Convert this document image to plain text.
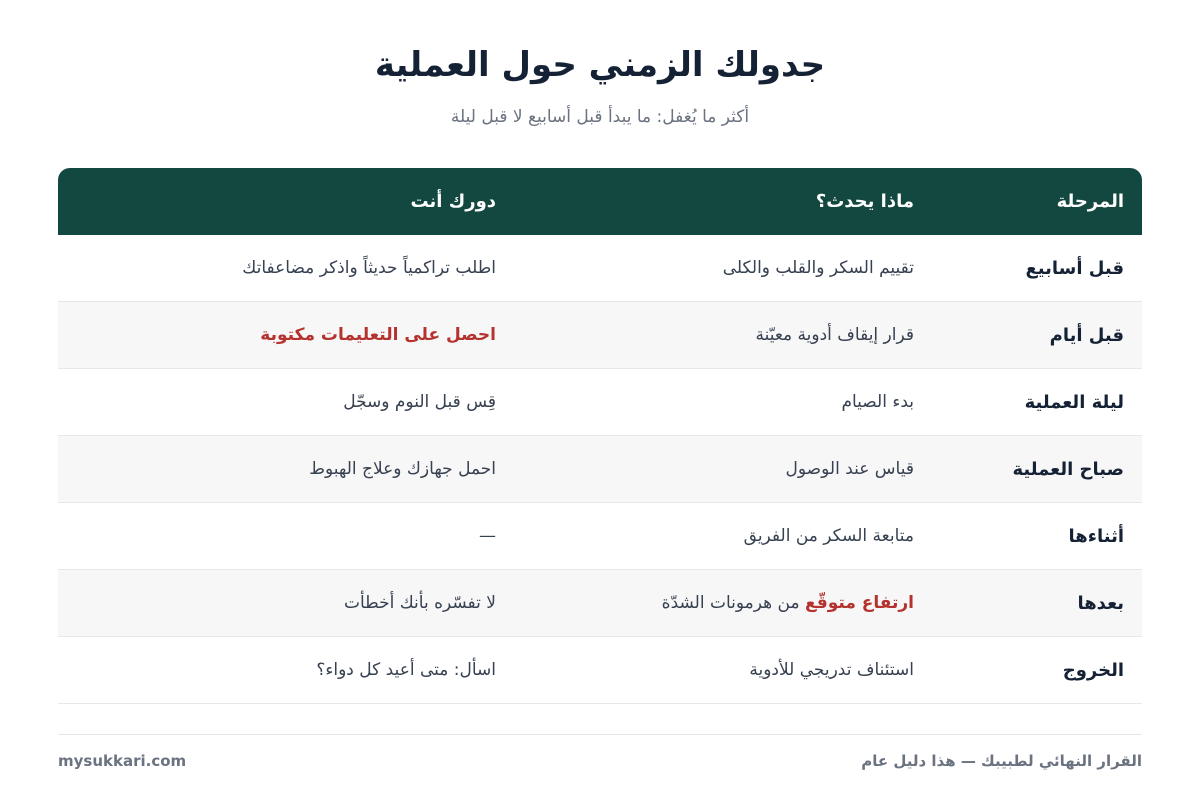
جدولك الزمني حول العملية
أكثر ما يُغفل: ما يبدأ قبل أسابيع لا قبل ليلة
المرحلة
ماذا يحدث؟
دورك أنت
قبل أسابيع
تقييم السكر والقلب والكلى
اطلب تراكمياً حديثاً واذكر مضاعفاتك
قبل أيام
قرار إيقاف أدوية معيّنة
احصل على التعليمات مكتوبة
ليلة العملية
بدء الصيام
قِس قبل النوم وسجّل
صباح العملية
قياس عند الوصول
احمل جهازك وعلاج الهبوط
أثناءها
متابعة السكر من الفريق
—
بعدها
ارتفاع متوقّع من هرمونات الشدّة
لا تفسّره بأنك أخطأت
الخروج
استئناف تدريجي للأدوية
اسأل: متى أعيد كل دواء؟
القرار النهائي لطبيبك — هذا دليل عام
mysukkari.com
